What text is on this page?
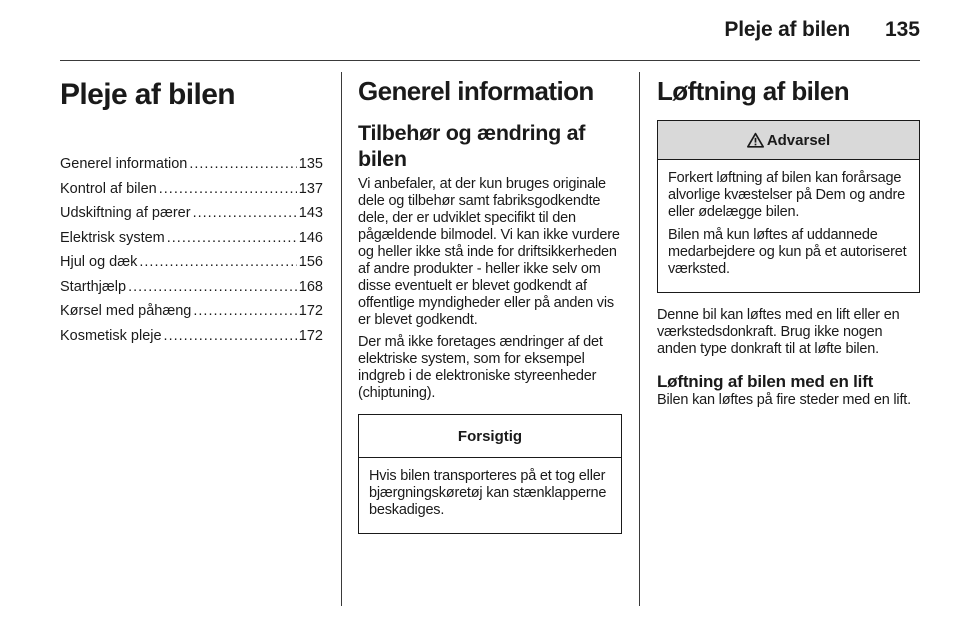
Pleje af bilen 135
Pleje af bilen
Generel information .....	135
Kontrol af bilen .....	137
Udskiftning af pærer .....	143
Elektrisk system .....	146
Hjul og dæk .....	156
Starthjælp .....	168
Kørsel med påhæng .....	172
Kosmetisk pleje .....	172
Generel information
Tilbehør og ændring af bilen

Vi anbefaler, at der kun bruges originale dele og tilbehør samt fabriksgodkendte dele, der er udviklet specifikt til den pågældende bilmodel. Vi kan ikke vurdere og heller ikke stå inde for driftsikkerheden af andre produkter - heller ikke selv om disse eventuelt er blevet godkendt af offentlige myndigheder eller på anden vis er blevet godkendt.

Der må ikke foretages ændringer af det elektriske system, som for eksempel indgreb i de elektroniske styreenheder (chiptuning).

Forsigtig

Hvis bilen transporteres på et tog eller bjærgningskøretøj kan stænklapperne beskadiges.

Løftning af bilen
Advarsel

Forkert løftning af bilen kan forårsage alvorlige kvæstelser på Dem og andre eller ødelægge bilen.

Bilen må kun løftes af uddannede medarbejdere og kun på et autoriseret værksted.

Denne bil kan løftes med en lift eller en værkstedsdonkraft. Brug ikke nogen anden type donkraft til at løfte bilen.

Løftning af bilen med en lift

Bilen kan løftes på fire steder med en lift.
